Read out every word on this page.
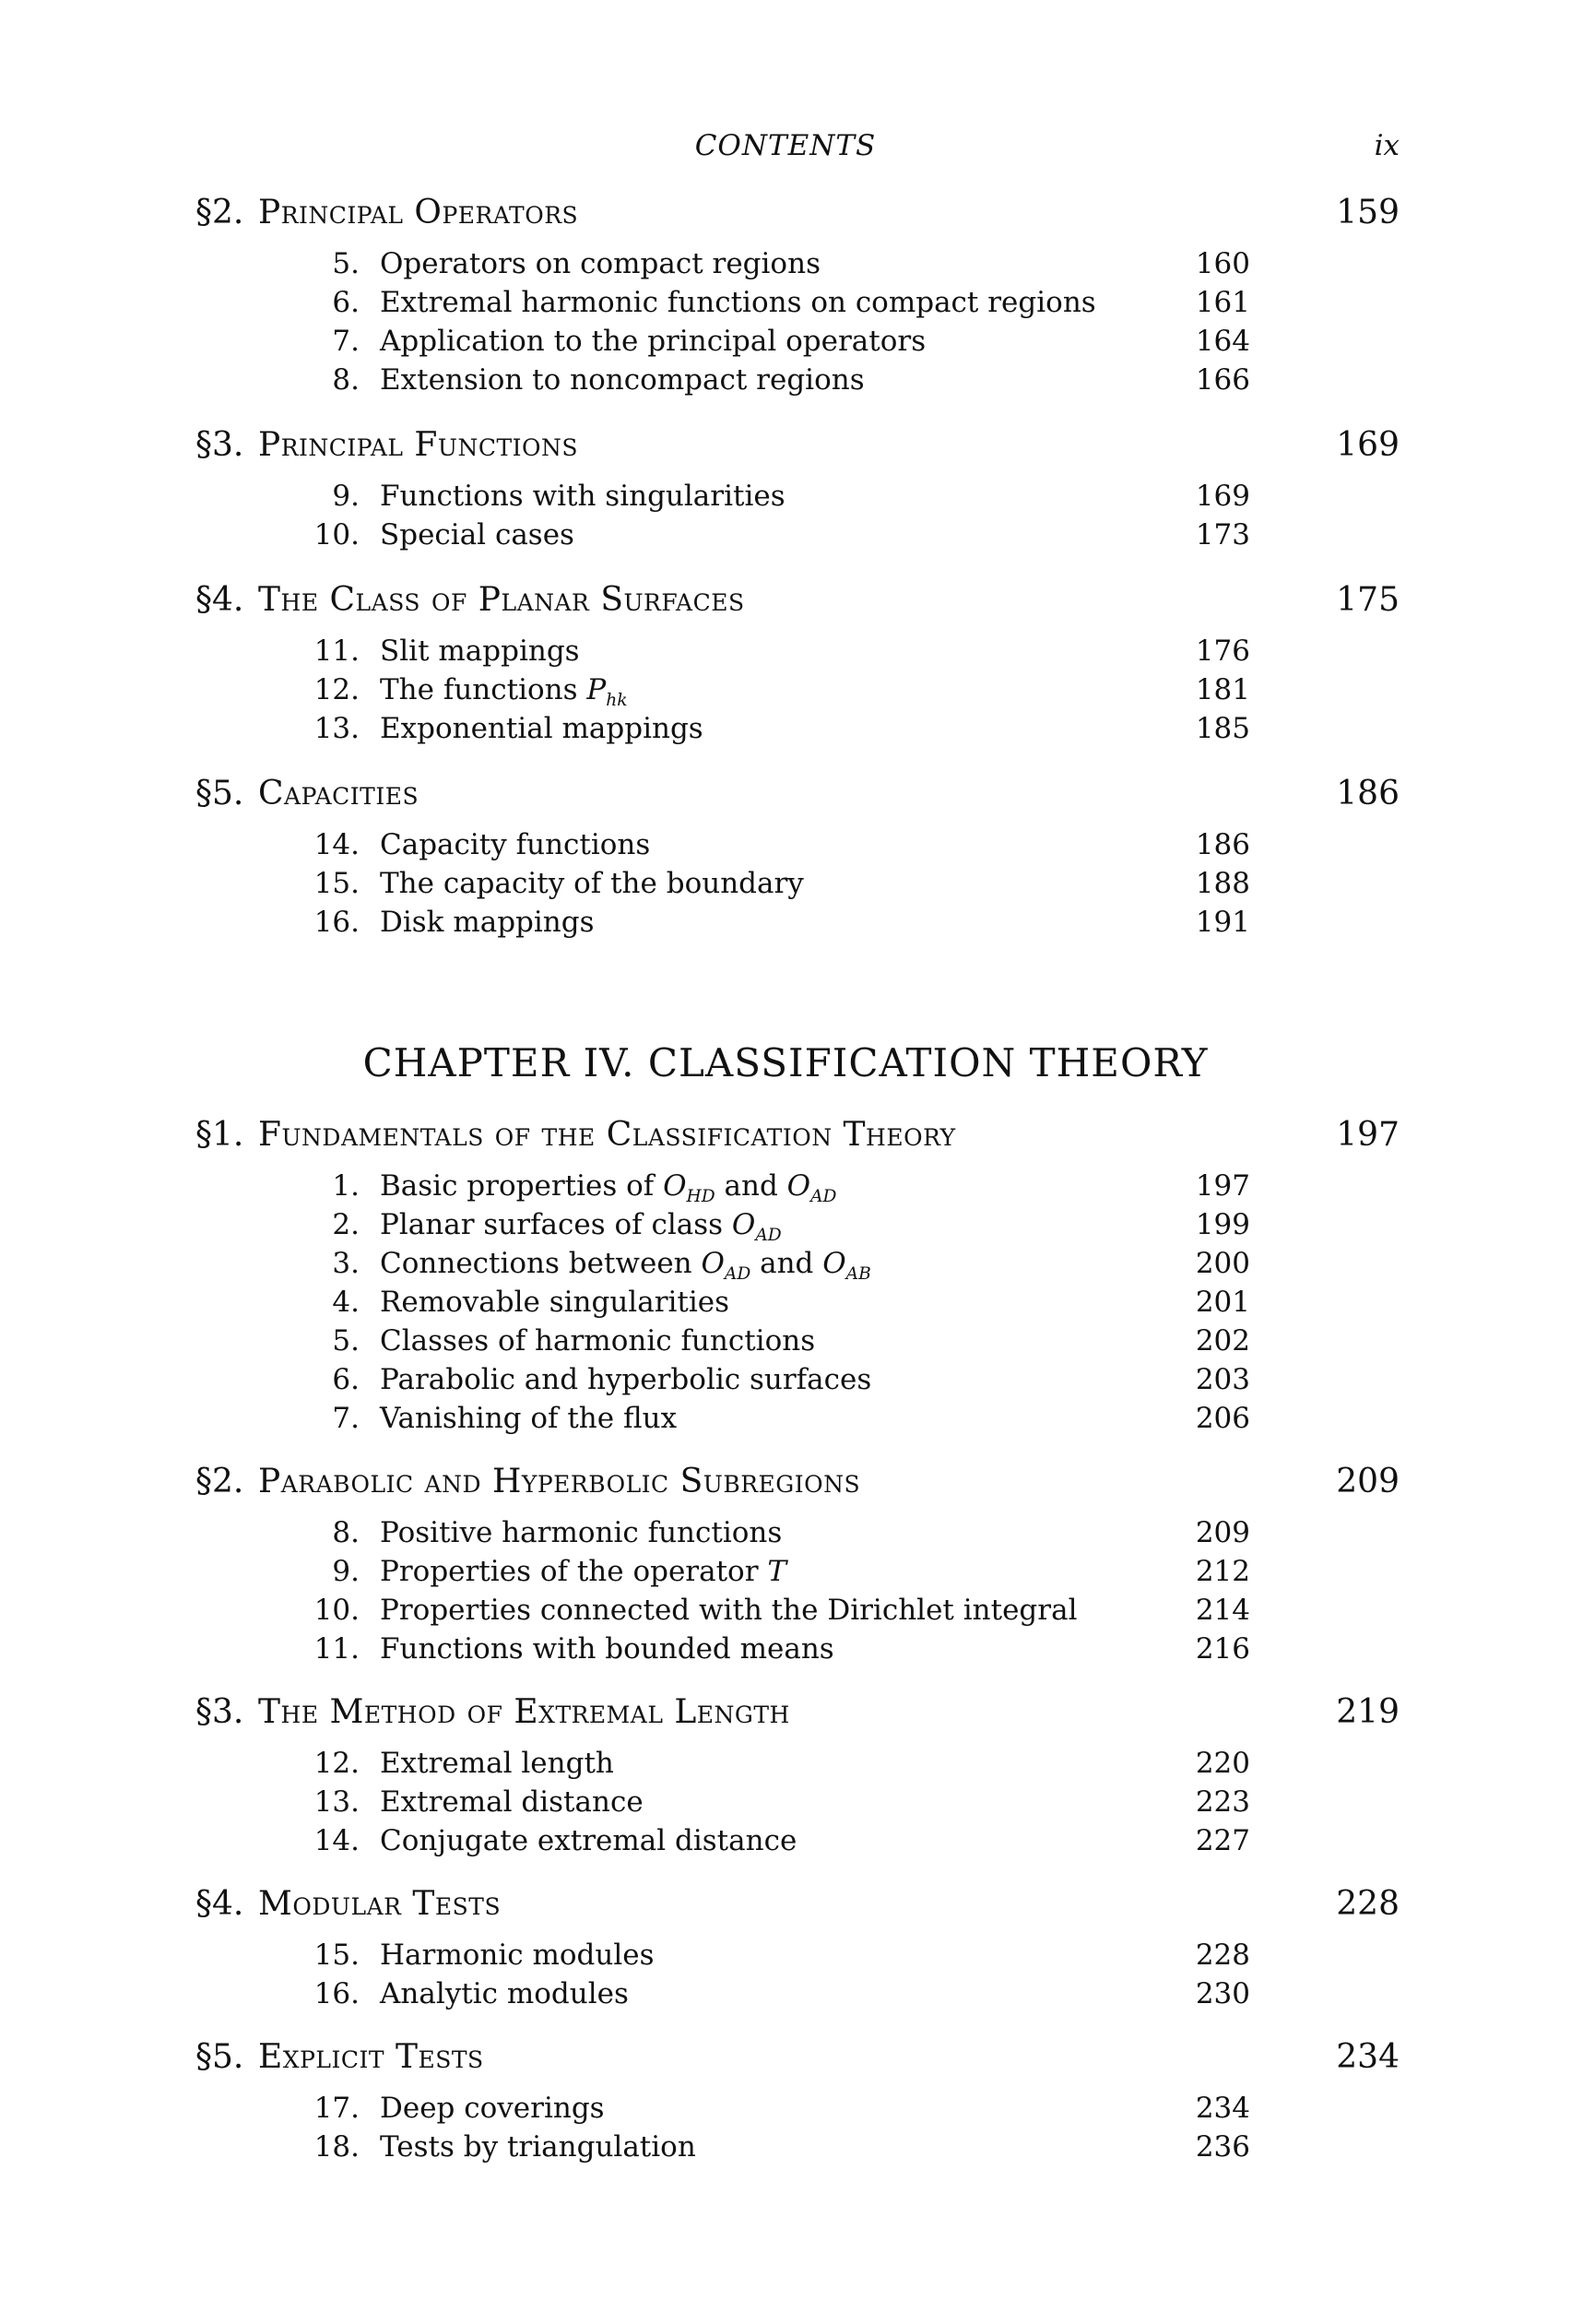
CONTENTS	ix
§2. Principal Operators	159
5. Operators on compact regions	160
6. Extremal harmonic functions on compact regions	161
7. Application to the principal operators	164
8. Extension to noncompact regions	166
§3. Principal Functions	169
9. Functions with singularities	169
10. Special cases	173
§4. The Class of Planar Surfaces	175
11. Slit mappings	176
12. The functions $P_{hk}$	181
13. Exponential mappings	185
§5. Capacities	186
14. Capacity functions	186
15. The capacity of the boundary	188
16. Disk mappings	191
CHAPTER IV. CLASSIFICATION THEORY
§1. Fundamentals of the Classification Theory	197
1. Basic properties of $O_{HD}$ and $O_{AD}$	197
2. Planar surfaces of class $O_{AD}$	199
3. Connections between $O_{AD}$ and $O_{AB}$	200
4. Removable singularities	201
5. Classes of harmonic functions	202
6. Parabolic and hyperbolic surfaces	203
7. Vanishing of the flux	206
§2. Parabolic and Hyperbolic Subregions	209
8. Positive harmonic functions	209
9. Properties of the operator T	212
10. Properties connected with the Dirichlet integral	214
11. Functions with bounded means	216
§3. The Method of Extremal Length	219
12. Extremal length	220
13. Extremal distance	223
14. Conjugate extremal distance	227
§4. Modular Tests	228
15. Harmonic modules	228
16. Analytic modules	230
§5. Explicit Tests	234
17. Deep coverings	234
18. Tests by triangulation	236
